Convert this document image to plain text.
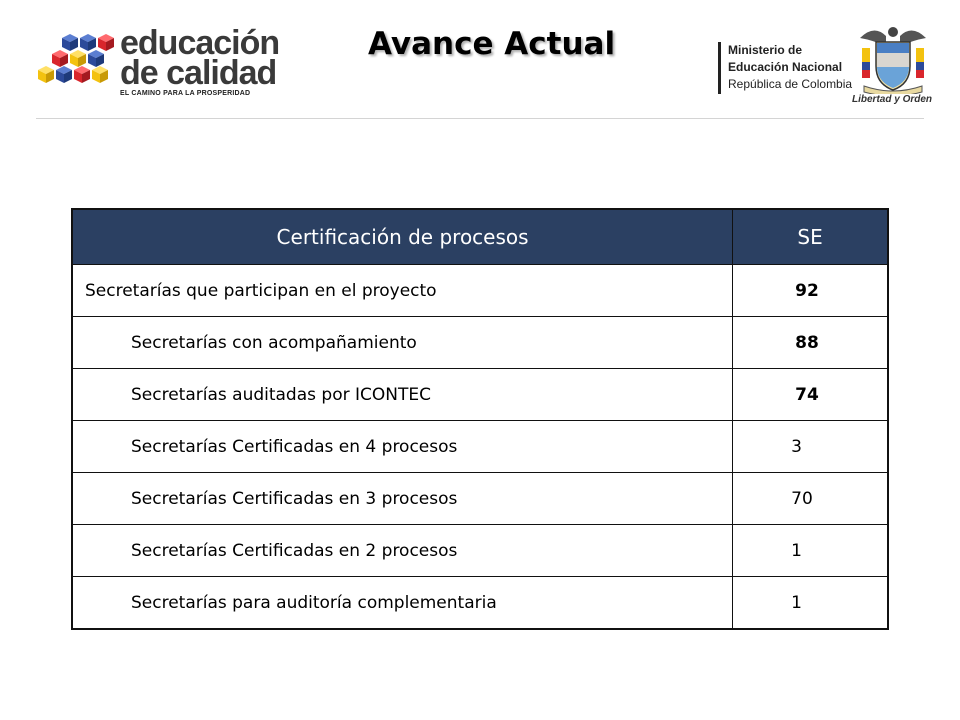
educación
de calidad
EL CAMINO PARA LA PROSPERIDAD
Avance Actual	Ministerio de
Educación Nacional
República de Colombia
Libertad y Orden
Certificación de procesos	SE
Secretarías que participan en el proyecto	92
Secretarías con acompañamiento	88
Secretarías auditadas por ICONTEC	74
Secretarías Certificadas en 4 procesos	3
Secretarías Certificadas en 3 procesos	70
Secretarías Certificadas en 2 procesos	1
Secretarías para auditoría complementaria	1
